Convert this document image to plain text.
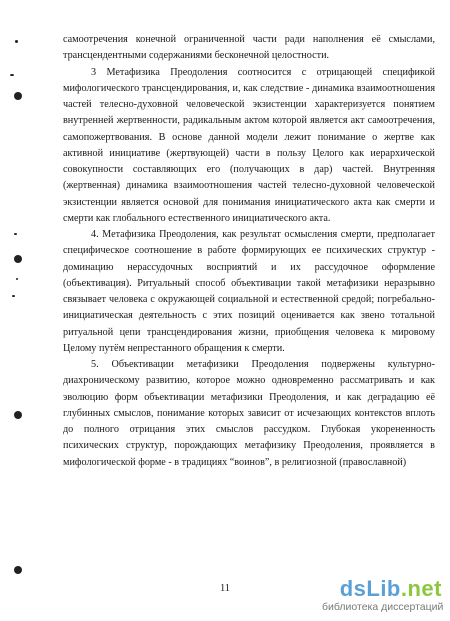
самоотречения конечной ограниченной части ради наполнения её смыслами, трансцендентными содержаниями бесконечной целостности.

3 Метафизика Преодоления соотносится с отрицающей спецификой мифологического трансцендирования, и, как следствие - динамика взаимоотношения частей телесно-духовной человеческой экзистенции характеризуется понятием внутренней жертвенности, радикальным актом которой является акт самоотречения, самопожертвования. В основе данной модели лежит понимание о жертве как активной инициативе (жертвующей) части в пользу Целого как иерархической совокупности составляющих его (получающих в дар) частей. Внутренняя (жертвенная) динамика взаимоотношения частей телесно-духовной человеческой экзистенции является основой для понимания инициатического акта как смерти и смерти как глобального естественного инициатического акта.

4. Метафизика Преодоления, как результат осмысления смерти, предполагает специфическое соотношение в работе формирующих ее психических структур - доминацию нерассудочных восприятий и их рассудочное оформление (объективация). Ритуальный способ объективации такой метафизики неразрывно связывает человека с окружающей социальной и естественной средой; погребально-инициатическая деятельность с этих позиций оценивается как звено тотальной ритуальной цепи трансцендирования жизни, приобщения человека к мировому Целому путём непрестанного обращения к смерти.

5. Объективации метафизики Преодоления подвержены культурно-диахроническому развитию, которое можно одновременно рассматривать и как эволюцию форм объективации метафизики Преодоления, и как деградацию её глубинных смыслов, понимание которых зависит от исчезающих контекстов вплоть до полного отрицания этих смыслов рассудком. Глубокая укорененность психических структур, порождающих метафизику Преодоления, проявляется в мифологической форме - в традициях “воинов”, в религиозной (православной)

11	dsLib.net
библиотека диссертаций
